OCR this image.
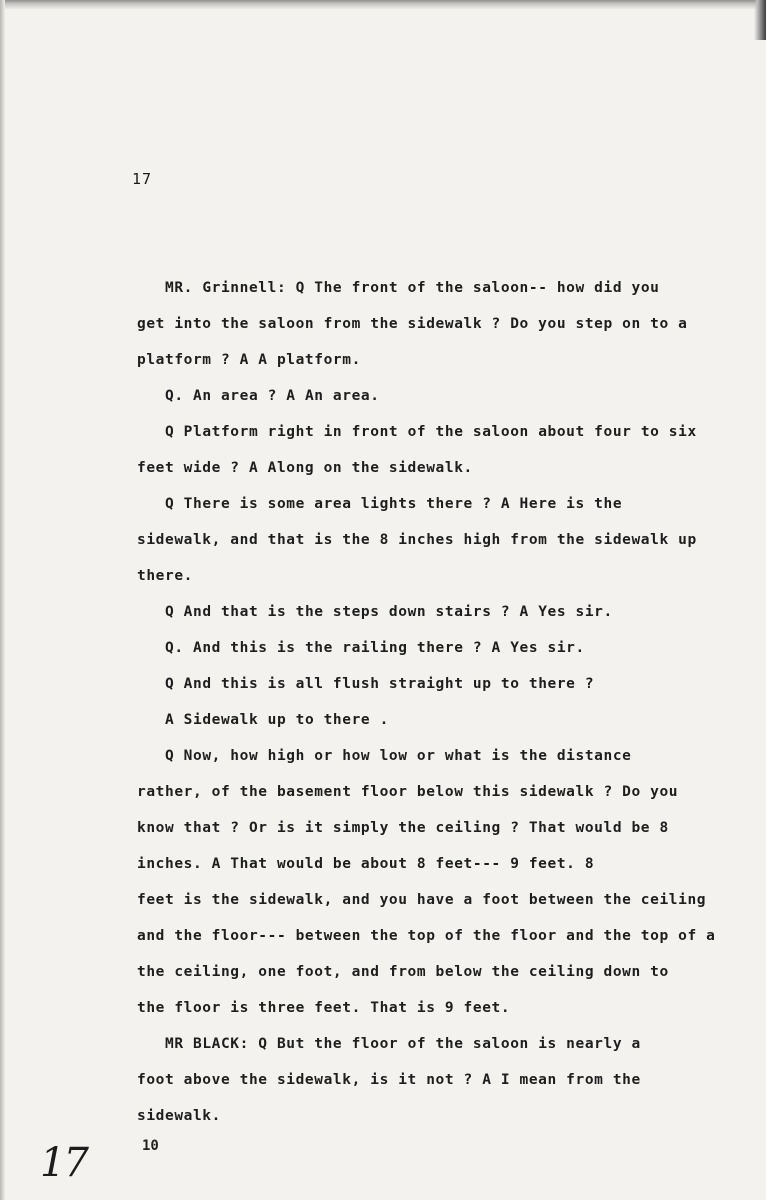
17
MR. Grinnell: Q The front of the saloon-- how did you
get into the saloon from the sidewalk ? Do you step on to a
platform ? A A platform.
Q. An area ? A An area.
Q Platform right in front of the saloon about four to six
feet wide ? A Along on the sidewalk.
Q There is some area lights there ? A Here is the
sidewalk, and that is the 8 inches high from the sidewalk up
there.
Q And that is the steps down stairs ? A Yes sir.
Q. And this is the railing there ? A Yes sir.
Q And this is all flush straight up to there ?
A Sidewalk up to there .
Q Now, how high or how low or what is the distance
rather, of the basement floor below this sidewalk ? Do you
know that ? Or is it simply the ceiling ? That would be 8
inches. A That would be about 8 feet--- 9 feet. 8
feet is the sidewalk, and you have a foot between the ceiling
and the floor--- between the top of the floor and the top of a
the ceiling, one foot, and from below the ceiling down to
the floor is three feet. That is 9 feet.
MR BLACK: Q But the floor of the saloon is nearly a
foot above the sidewalk, is it not ? A I mean from the
sidewalk.
10
17
